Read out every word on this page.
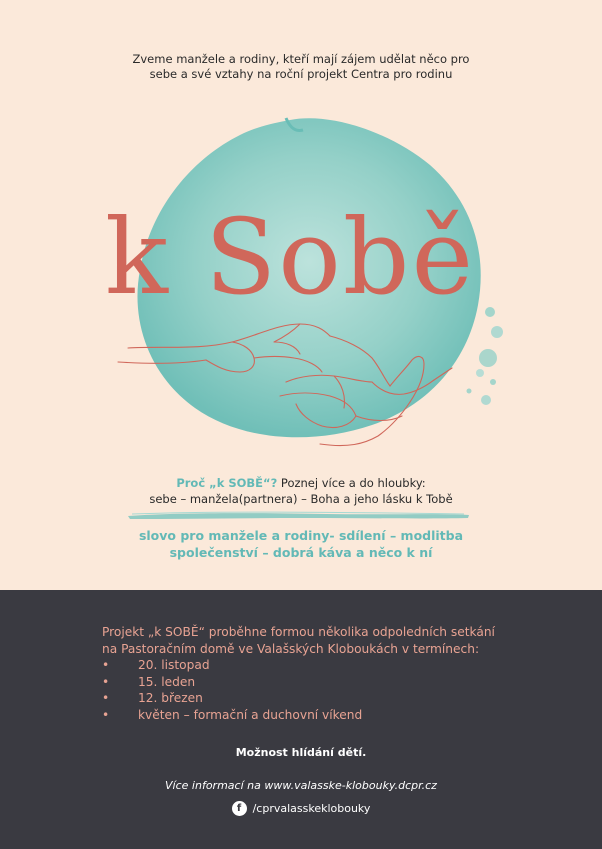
Zveme manžele a rodiny, kteří mají zájem udělat něco pro
sebe a své vztahy na roční projekt Centra pro rodinu

k Sobě
Proč „k SOBĚ“? Poznej více a do hloubky:
sebe – manžela(partnera) – Boha a jeho lásku k Tobě
slovo pro manžele a rodiny- sdílení – modlitba
společenství – dobrá káva a něco k ní

Projekt „k SOBĚ“ proběhne formou několika odpoledních setkání

na Pastoračním domě ve Valašských Kloboukách v termínech:

• 20. listopad
• 15. leden
• 12. březen
• květen – formační a duchovní víkend
Možnost hlídání dětí.
Více informací na www.valasske-klobouky.dcpr.cz
f	/cprvalasskeklobouky
